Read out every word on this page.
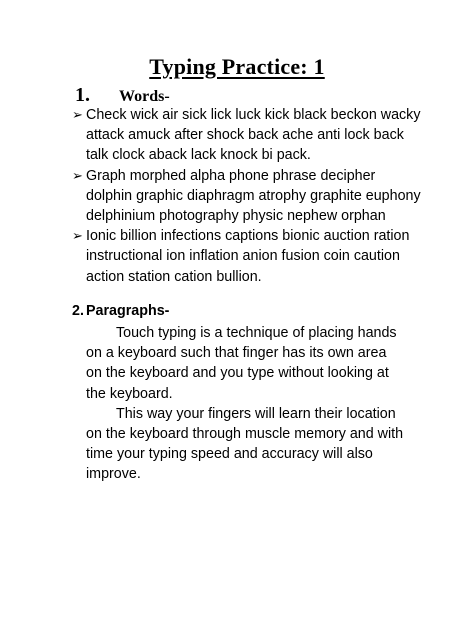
Typing Practice: 1
1. Words-
➢ Check wick air sick lick luck kick black beckon wacky attack amuck after shock back ache anti lock back talk clock aback lack knock bi pack.
➢ Graph morphed alpha phone phrase decipher dolphin graphic diaphragm atrophy graphite euphony delphinium photography physic nephew orphan
➢ Ionic billion infections captions bionic auction ration instructional ion inflation anion fusion coin caution action station cation bullion.
2. Paragraphs-

Touch typing is a technique of placing hands on a keyboard such that finger has its own area on the keyboard and you type without looking at the keyboard.

This way your fingers will learn their location on the keyboard through muscle memory and with time your typing speed and accuracy will also improve.
